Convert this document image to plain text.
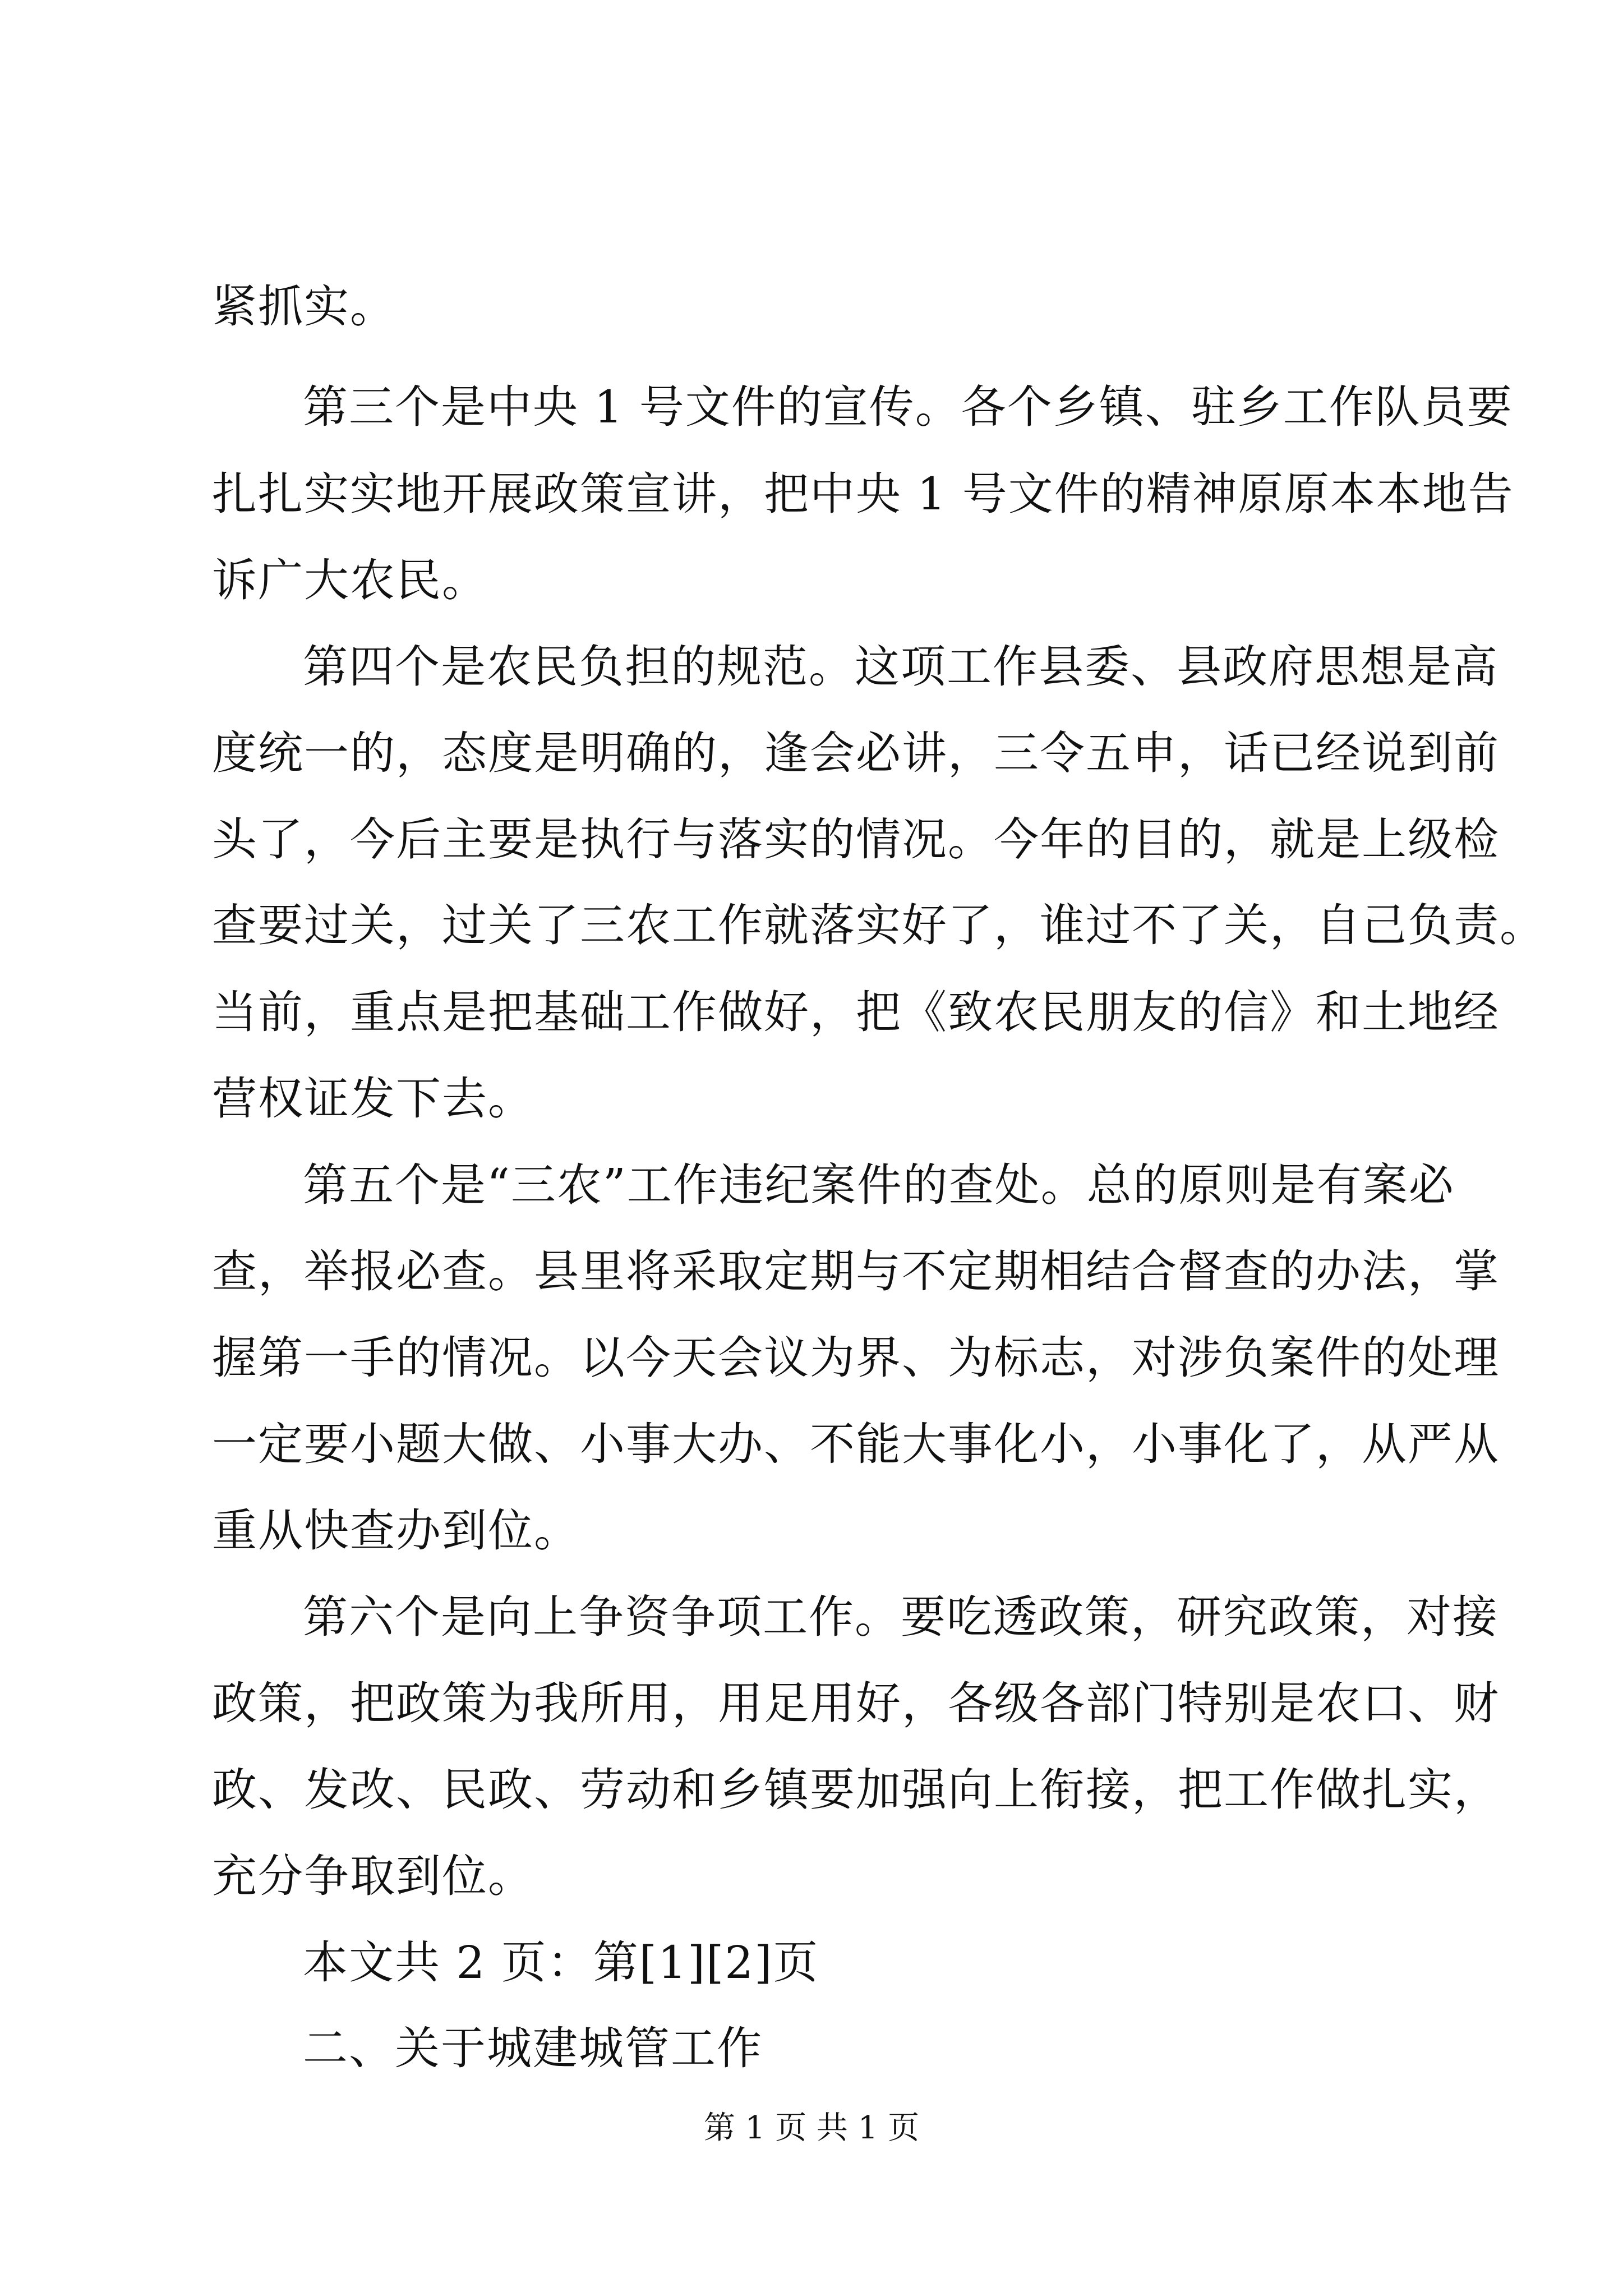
紧抓实。
第三个是中央 1 号文件的宣传。各个乡镇、驻乡工作队员要
扎扎实实地开展政策宣讲，把中央 1 号文件的精神原原本本地告
诉广大农民。
第四个是农民负担的规范。这项工作县委、县政府思想是高
度统一的，态度是明确的，逢会必讲，三令五申，话已经说到前
头了，今后主要是执行与落实的情况。今年的目的，就是上级检
查要过关，过关了三农工作就落实好了，谁过不了关，自己负责。
当前，重点是把基础工作做好，把《致农民朋友的信》和土地经
营权证发下去。
第五个是“三农”工作违纪案件的查处。总的原则是有案必
查，举报必查。县里将采取定期与不定期相结合督查的办法，掌
握第一手的情况。以今天会议为界、为标志，对涉负案件的处理
一定要小题大做、小事大办、不能大事化小，小事化了，从严从
重从快查办到位。
第六个是向上争资争项工作。要吃透政策，研究政策，对接
政策，把政策为我所用，用足用好，各级各部门特别是农口、财
政、发改、民政、劳动和乡镇要加强向上衔接，把工作做扎实，
充分争取到位。
本文共 2 页：第[1][2]页
二、关于城建城管工作
第 1 页 共 1 页
